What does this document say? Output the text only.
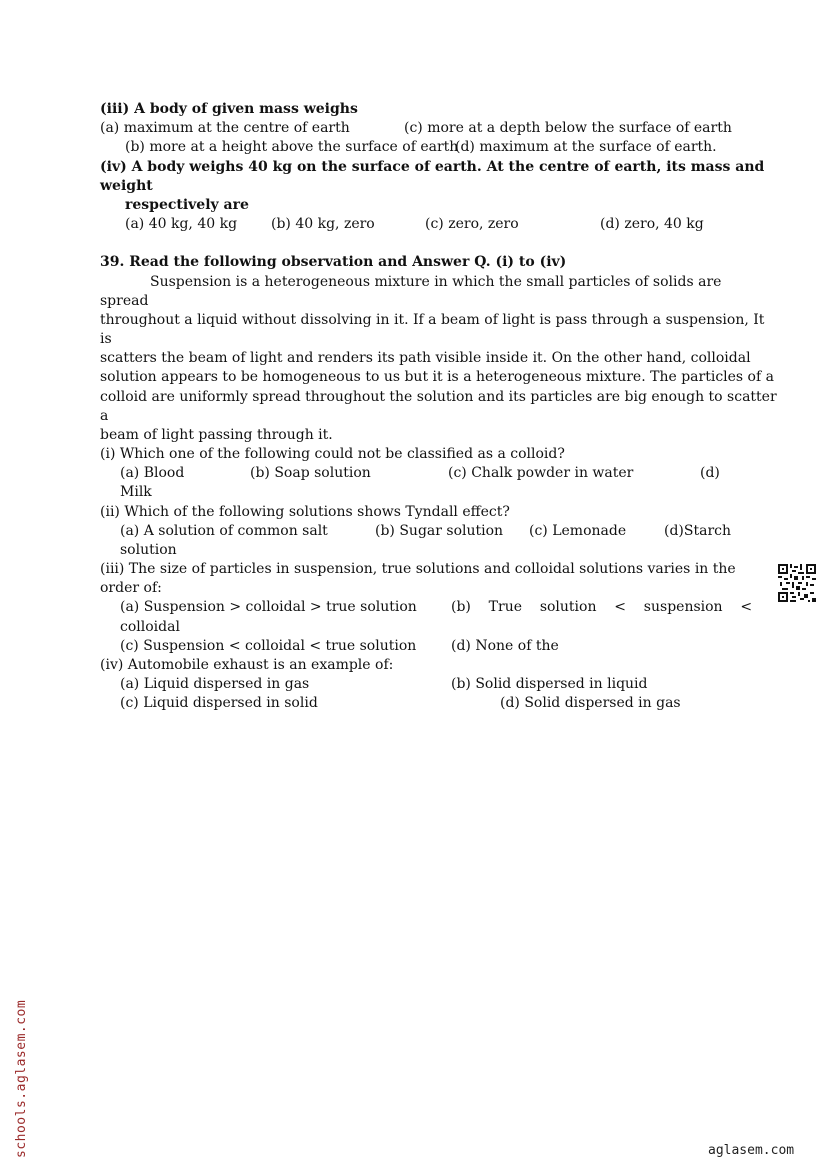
(iii) A body of given mass weighs
(a) maximum at the centre of earth	(c) more at a depth below the surface of earth
(b) more at a height above the surface of earth
(d) maximum at the surface of earth.
(iv) A body weighs 40 kg on the surface of earth. At the centre of earth, its mass and
weight
respectively are
(a) 40 kg, 40 kg (b) 40 kg, zero	(c) zero, zero	(d) zero, 40 kg
39. Read the following observation and Answer Q. (i) to (iv)
Suspension is a heterogeneous mixture in which the small particles of solids are
spread
throughout a liquid without dissolving in it. If a beam of light is pass through a suspension, It
is
scatters the beam of light and renders its path visible inside it. On the other hand, colloidal
solution appears to be homogeneous to us but it is a heterogeneous mixture. The particles of a
colloid are uniformly spread throughout the solution and its particles are big enough to scatter
a
beam of light passing through it.
(i) Which one of the following could not be classified as a colloid?
(a) Blood	(b) Soap solution	(c) Chalk powder in water	(d)
Milk
(ii) Which of the following solutions shows Tyndall effect?
(a) A solution of common salt	(b) Sugar solution (c) Lemonade	(d)Starch
solution
(iii) The size of particles in suspension, true solutions and colloidal solutions varies in the
order of:
(a) Suspension > colloidal > true solution (b)    True    solution    <    suspension    <
colloidal
(c) Suspension < colloidal < true solution (d) None of the
(iv) Automobile exhaust is an example of:
(a) Liquid dispersed in gas	(b) Solid dispersed in liquid
(c) Liquid dispersed in solid	(d) Solid dispersed in gas
schools.aglasem.com	aglasem.com
